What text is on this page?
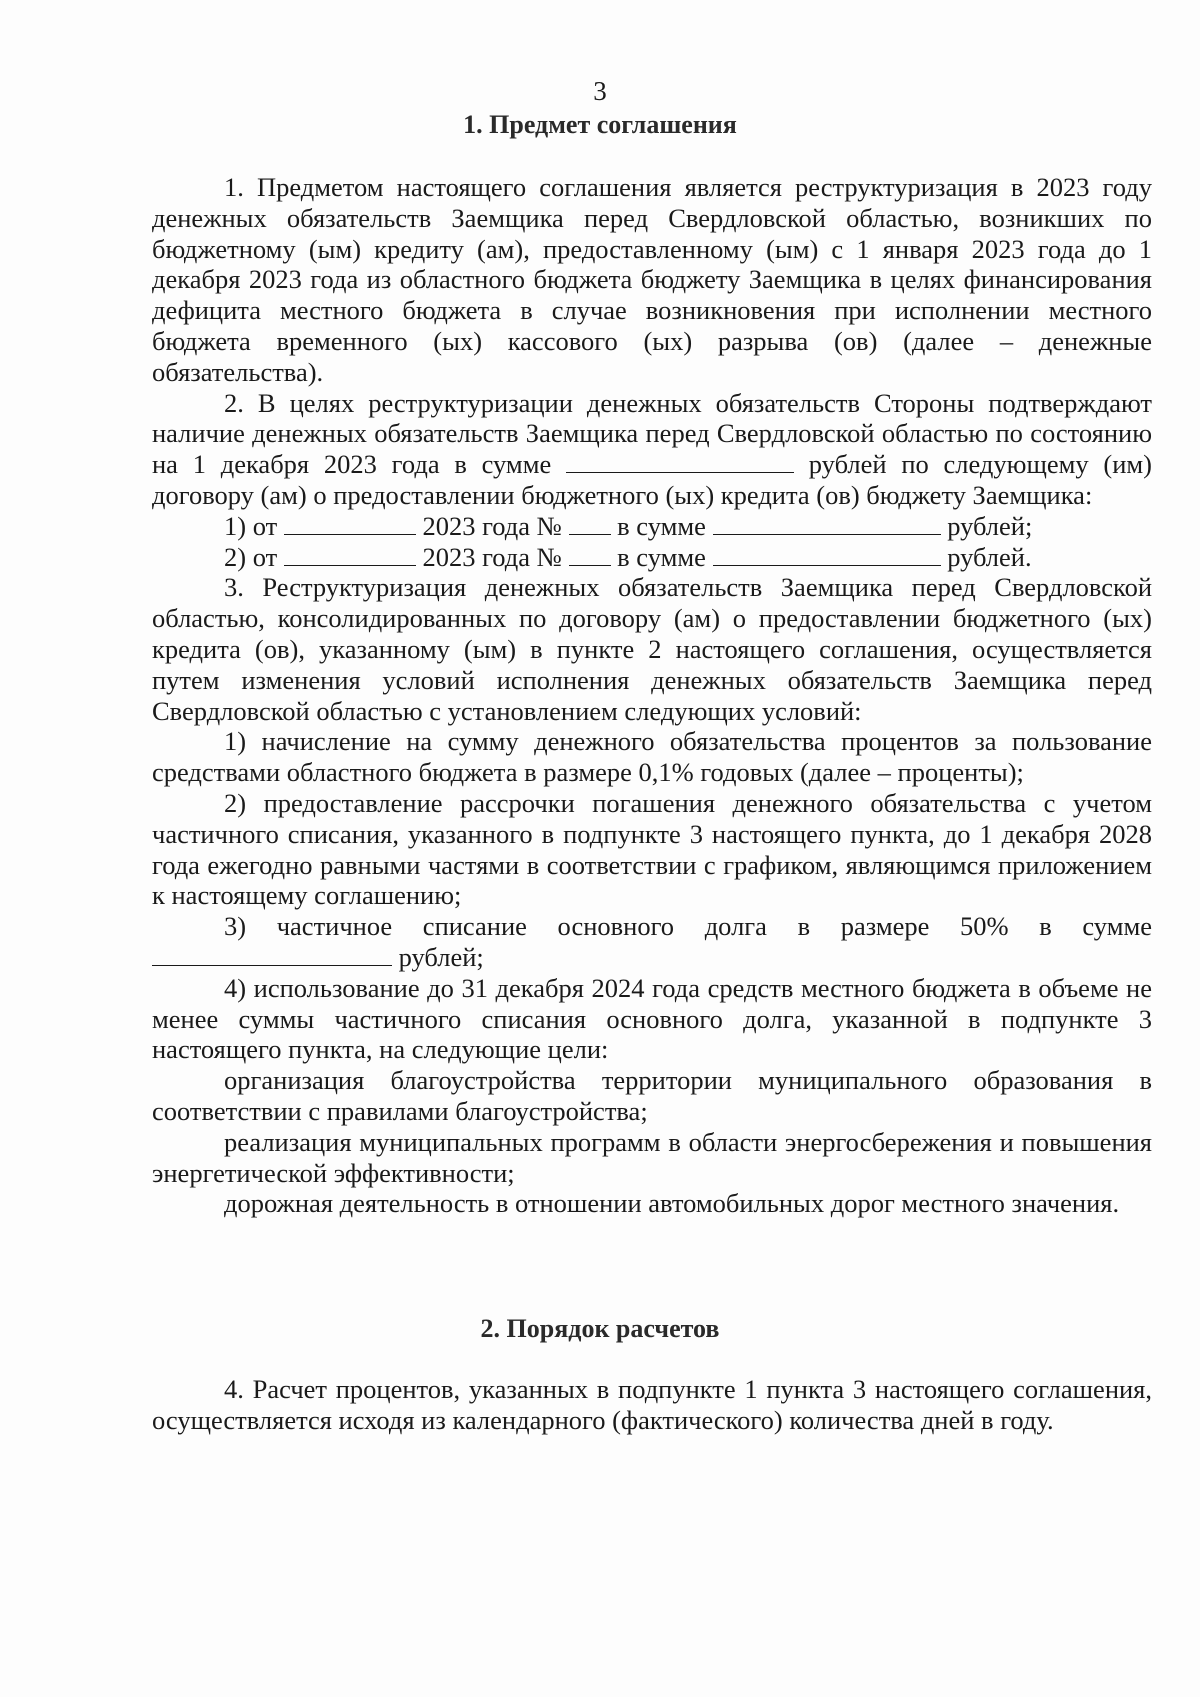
3
1. Предмет соглашения

1. Предметом настоящего соглашения является реструктуризация в 2023 году денежных обязательств Заемщика перед Свердловской областью, возникших по бюджетному (ым) кредиту (ам), предоставленному (ым) с 1 января 2023 года до 1 декабря 2023 года из областного бюджета бюджету Заемщика в целях финансирования дефицита местного бюджета в случае возникновения при исполнении местного бюджета временного (ых) кассового (ых) разрыва (ов) (далее – денежные обязательства).

2. В целях реструктуризации денежных обязательств Стороны подтверждают наличие денежных обязательств Заемщика перед Свердловской областью по состоянию на 1 декабря 2023 года в сумме	рублей по следующему (им) договору (ам) о предоставлении бюджетного (ых) кредита (ов) бюджету Заемщика:

1) от	2023 года № в сумме	рублей;

2) от	2023 года № в сумме	рублей.

3. Реструктуризация денежных обязательств Заемщика перед Свердловской областью, консолидированных по договору (ам) о предоставлении бюджетного (ых) кредита (ов), указанному (ым) в пункте 2 настоящего соглашения, осуществляется путем изменения условий исполнения денежных обязательств Заемщика перед Свердловской областью с установлением следующих условий:

1) начисление на сумму денежного обязательства процентов за пользование средствами областного бюджета в размере 0,1% годовых (далее – проценты);

2) предоставление рассрочки погашения денежного обязательства с учетом частичного списания, указанного в подпункте 3 настоящего пункта, до 1 декабря 2028 года ежегодно равными частями в соответствии с графиком, являющимся приложением к настоящему соглашению;

3) частичное списание основного долга в размере 50% в сумме  рублей;

4) использование до 31 декабря 2024 года средств местного бюджета в объеме не менее суммы частичного списания основного долга, указанной в подпункте 3 настоящего пункта, на следующие цели:

организация благоустройства территории муниципального образования в соответствии с правилами благоустройства;

реализация муниципальных программ в области энергосбережения и повышения энергетической эффективности;

дорожная деятельность в отношении автомобильных дорог местного значения.

2. Порядок расчетов

4. Расчет процентов, указанных в подпункте 1 пункта 3 настоящего соглашения, осуществляется исходя из календарного (фактического) количества дней в году.
